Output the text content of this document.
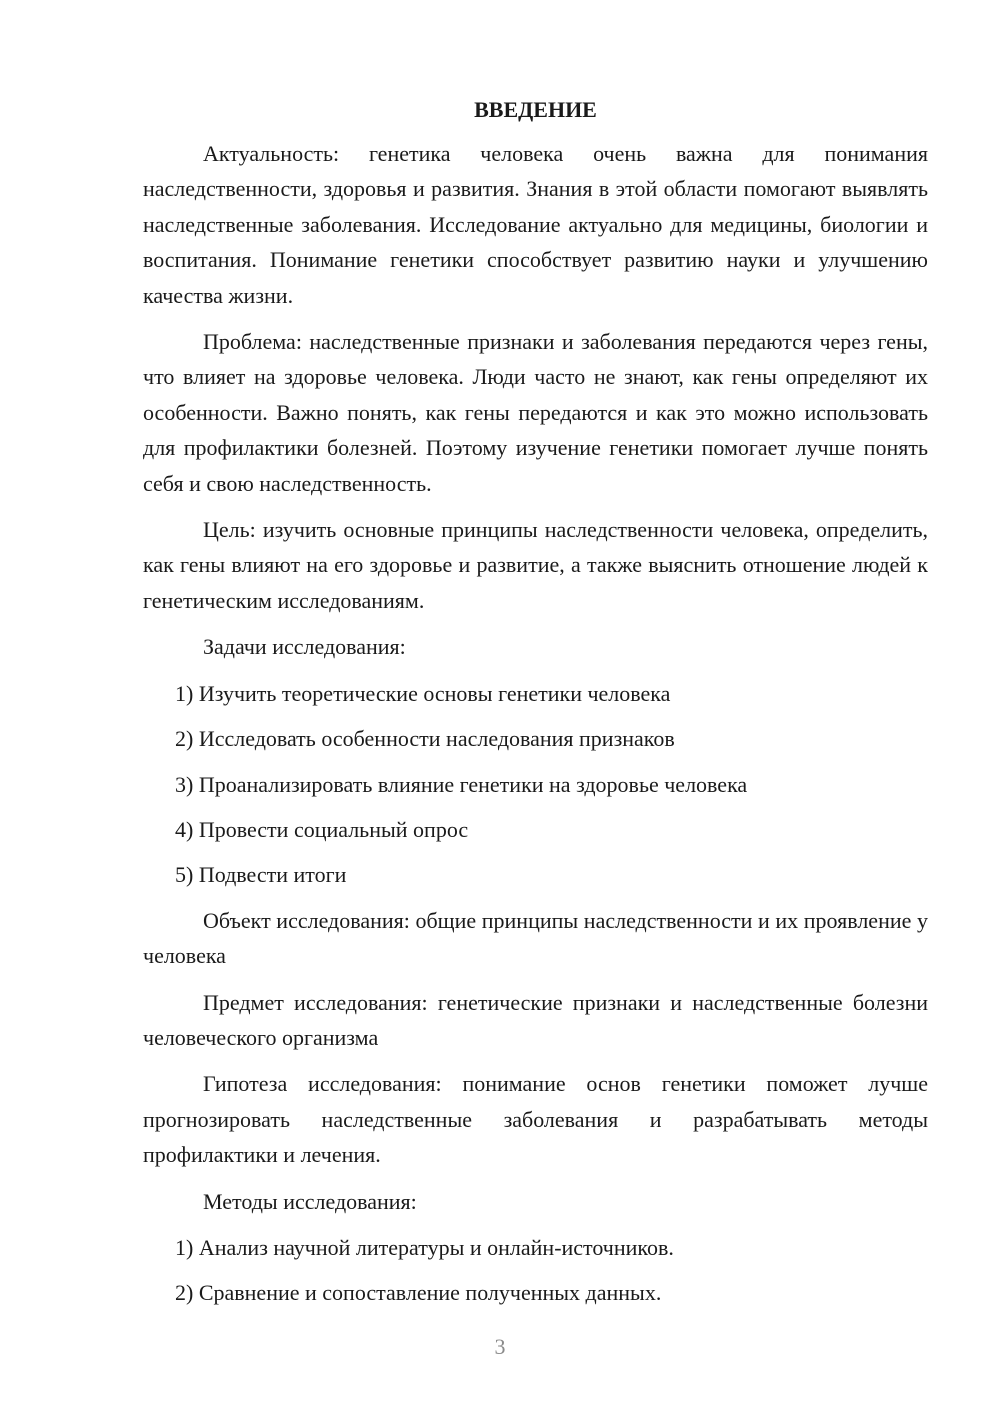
ВВЕДЕНИЕ

Актуальность: генетика человека очень важна для понимания наследственности, здоровья и развития. Знания в этой области помогают выявлять наследственные заболевания. Исследование актуально для медицины, биологии и воспитания. Понимание генетики способствует развитию науки и улучшению качества жизни.

Проблема: наследственные признаки и заболевания передаются через гены, что влияет на здоровье человека. Люди часто не знают, как гены определяют их особенности. Важно понять, как гены передаются и как это можно использовать для профилактики болезней. Поэтому изучение генетики помогает лучше понять себя и свою наследственность.

Цель: изучить основные принципы наследственности человека, определить, как гены влияют на его здоровье и развитие, а также выяснить отношение людей к генетическим исследованиям.

Задачи исследования:

1) Изучить теоретические основы генетики человека
2) Исследовать особенности наследования признаков
3) Проанализировать влияние генетики на здоровье человека
4) Провести социальный опрос
5) Подвести итоги

Объект исследования: общие принципы наследственности и их проявление у человека

Предмет исследования: генетические признаки и наследственные болезни человеческого организма

Гипотеза исследования: понимание основ генетики поможет лучше прогнозировать наследственные заболевания и разрабатывать методы профилактики и лечения.

Методы исследования:

1) Анализ научной литературы и онлайн-источников.
2) Сравнение и сопоставление полученных данных.
3
